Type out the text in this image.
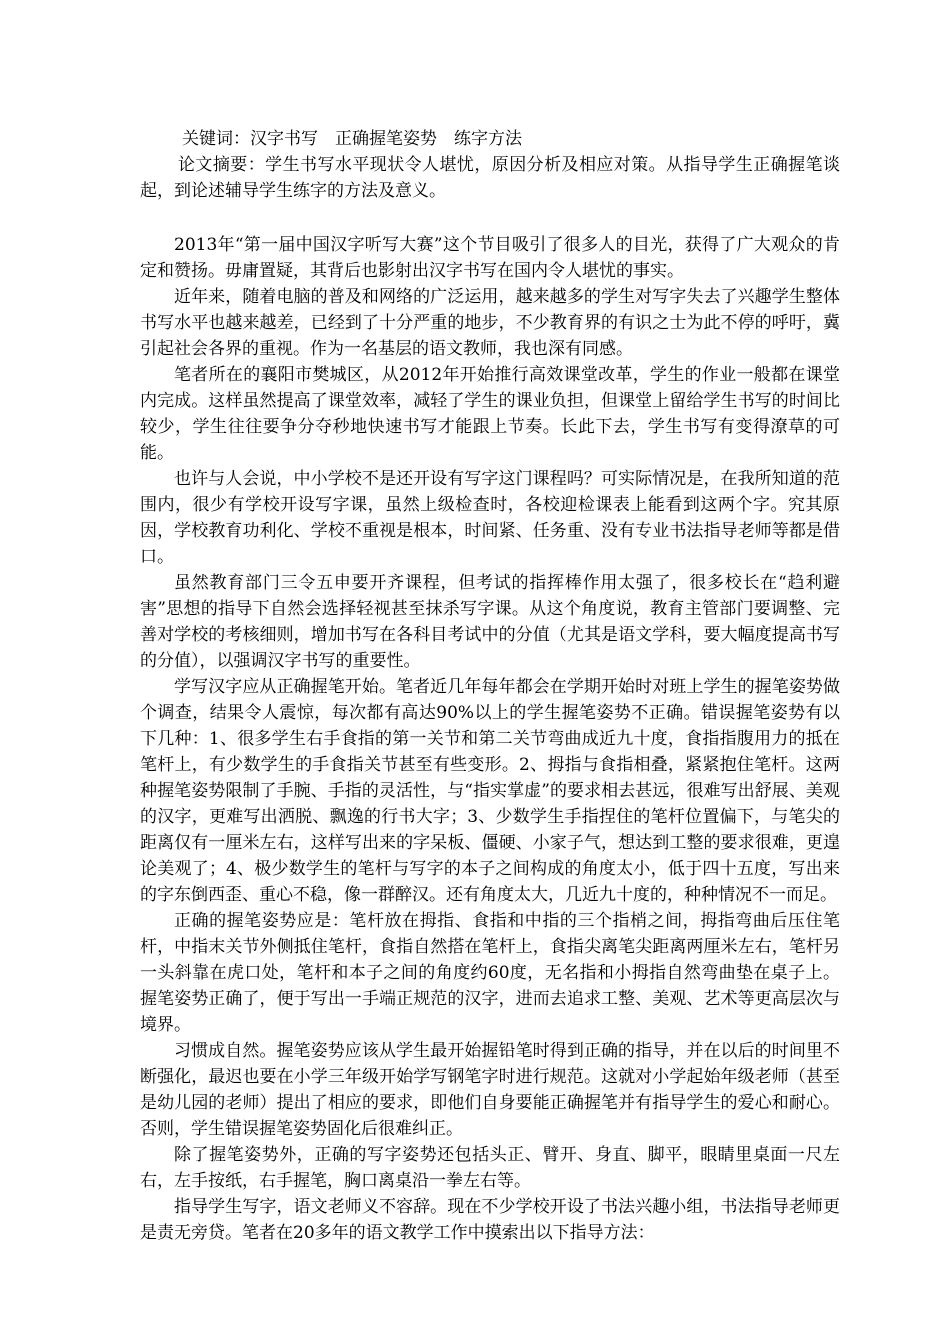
关键词：汉字书写　正确握笔姿势　练字方法

论文摘要：学生书写水平现状令人堪忧，原因分析及相应对策。从指导学生正确握笔谈起，到论述辅导学生练字的方法及意义。

2013年“第一届中国汉字听写大赛”这个节目吸引了很多人的目光，获得了广大观众的肯定和赞扬。毋庸置疑，其背后也影射出汉字书写在国内令人堪忧的事实。

近年来，随着电脑的普及和网络的广泛运用，越来越多的学生对写字失去了兴趣学生整体书写水平也越来越差，已经到了十分严重的地步，不少教育界的有识之士为此不停的呼吁，冀引起社会各界的重视。作为一名基层的语文教师，我也深有同感。

笔者所在的襄阳市樊城区，从2012年开始推行高效课堂改革，学生的作业一般都在课堂内完成。这样虽然提高了课堂效率，减轻了学生的课业负担，但课堂上留给学生书写的时间比较少，学生往往要争分夺秒地快速书写才能跟上节奏。长此下去，学生书写有变得潦草的可能。

也许与人会说，中小学校不是还开设有写字这门课程吗？可实际情况是，在我所知道的范围内，很少有学校开设写字课，虽然上级检查时，各校迎检课表上能看到这两个字。究其原因，学校教育功利化、学校不重视是根本，时间紧、任务重、没有专业书法指导老师等都是借口。

虽然教育部门三令五申要开齐课程，但考试的指挥棒作用太强了，很多校长在“趋利避害”思想的指导下自然会选择轻视甚至抹杀写字课。从这个角度说，教育主管部门要调整、完善对学校的考核细则，增加书写在各科目考试中的分值（尤其是语文学科，要大幅度提高书写的分值），以强调汉字书写的重要性。

学写汉字应从正确握笔开始。笔者近几年每年都会在学期开始时对班上学生的握笔姿势做个调查，结果令人震惊，每次都有高达90%以上的学生握笔姿势不正确。错误握笔姿势有以下几种：1、很多学生右手食指的第一关节和第二关节弯曲成近九十度，食指指腹用力的抵在笔杆上，有少数学生的手食指关节甚至有些变形。2、拇指与食指相叠，紧紧抱住笔杆。这两种握笔姿势限制了手腕、手指的灵活性，与“指实掌虚”的要求相去甚远，很难写出舒展、美观的汉字，更难写出洒脱、飘逸的行书大字；3、少数学生手指捏住的笔杆位置偏下，与笔尖的距离仅有一厘米左右，这样写出来的字呆板、僵硬、小家子气，想达到工整的要求很难，更遑论美观了；4、极少数学生的笔杆与写字的本子之间构成的角度太小，低于四十五度，写出来的字东倒西歪、重心不稳，像一群醉汉。还有角度太大，几近九十度的，种种情况不一而足。

正确的握笔姿势应是：笔杆放在拇指、食指和中指的三个指梢之间，拇指弯曲后压住笔杆，中指末关节外侧抵住笔杆，食指自然搭在笔杆上，食指尖离笔尖距离两厘米左右，笔杆另一头斜靠在虎口处，笔杆和本子之间的角度约60度，无名指和小拇指自然弯曲垫在桌子上。握笔姿势正确了，便于写出一手端正规范的汉字，进而去追求工整、美观、艺术等更高层次与境界。

习惯成自然。握笔姿势应该从学生最开始握铅笔时得到正确的指导，并在以后的时间里不断强化，最迟也要在小学三年级开始学写钢笔字时进行规范。这就对小学起始年级老师（甚至是幼儿园的老师）提出了相应的要求，即他们自身要能正确握笔并有指导学生的爱心和耐心。否则，学生错误握笔姿势固化后很难纠正。

除了握笔姿势外，正确的写字姿势还包括头正、臂开、身直、脚平，眼睛里桌面一尺左右，左手按纸，右手握笔，胸口离桌沿一拳左右等。

指导学生写字，语文老师义不容辞。现在不少学校开设了书法兴趣小组，书法指导老师更是责无旁贷。笔者在20多年的语文教学工作中摸索出以下指导方法：
